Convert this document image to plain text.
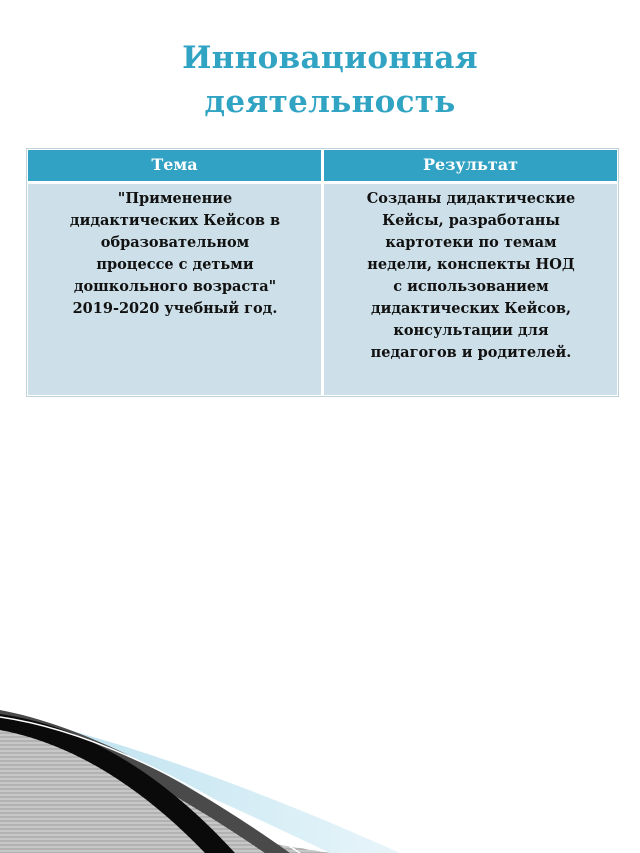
Инновационная
деятельность
Тема	Результат
"Применение
дидактических Кейсов в
образовательном
процессе с детьми
дошкольного возраста"
2019-2020 учебный год.
Созданы дидактические
Кейсы, разработаны
картотеки по темам
недели, конспекты НОД
с использованием
дидактических Кейсов,
консультации для
педагогов и родителей.
